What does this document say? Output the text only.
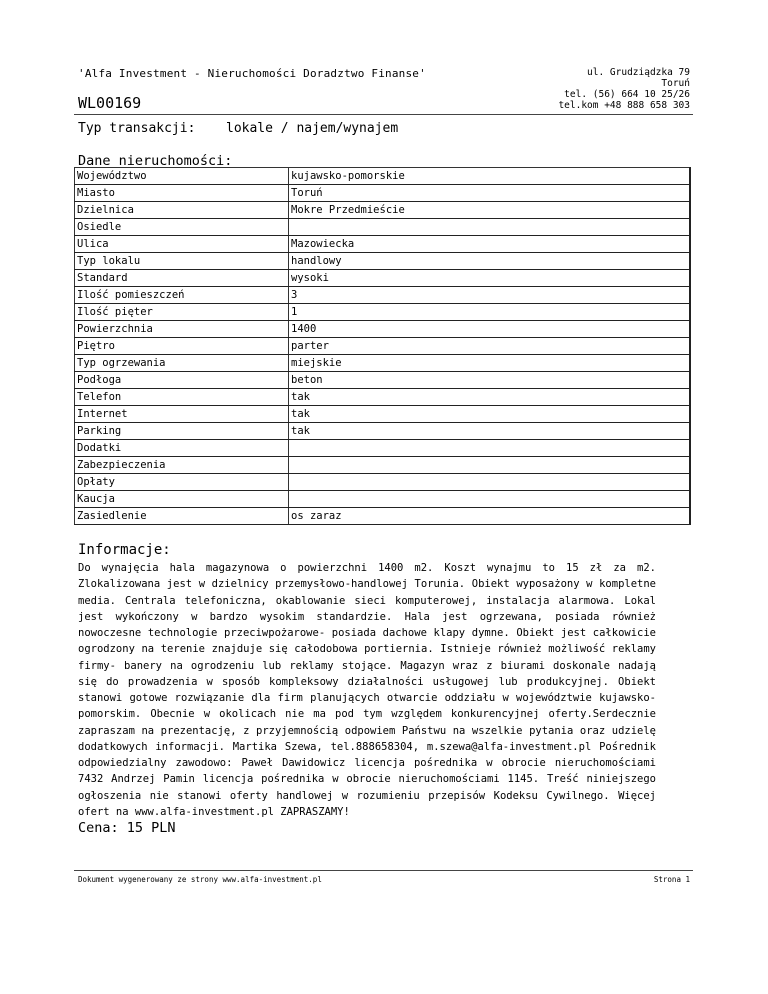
'Alfa Investment - Nieruchomości Doradztwo Finanse'	ul. Grudziądzka 79
Toruń
tel. (56) 664 10 25/26
tel.kom +48 888 658 303
WL00169
Typ transakcji: lokale / najem/wynajem
Dane nieruchomości:
Województwo	kujawsko-pomorskie
Miasto	Toruń
Dzielnica	Mokre Przedmieście
Osiedle	
Ulica	Mazowiecka
Typ lokalu	handlowy
Standard	wysoki
Ilość pomieszczeń	3
Ilość pięter	1
Powierzchnia	1400
Piętro	parter
Typ ogrzewania	miejskie
Podłoga	beton
Telefon	tak
Internet	tak
Parking	tak
Dodatki	
Zabezpieczenia	
Opłaty	
Kaucja	
Zasiedlenie	os zaraz
Informacje:
Do wynajęcia hala magazynowa o powierzchni 1400 m2. Koszt wynajmu to 15 zł za m2. Zlokalizowana jest w dzielnicy przemysłowo-handlowej Torunia. Obiekt wyposażony w kompletne media. Centrala telefoniczna, okablowanie sieci komputerowej, instalacja alarmowa. Lokal jest wykończony w bardzo wysokim standardzie. Hala jest ogrzewana, posiada również nowoczesne technologie przeciwpożarowe- posiada dachowe klapy dymne. Obiekt jest całkowicie ogrodzony na terenie znajduje się całodobowa portiernia. Istnieje również możliwość reklamy firmy- banery na ogrodzeniu lub reklamy stojące. Magazyn wraz z biurami doskonale nadają się do prowadzenia w sposób kompleksowy działalności usługowej lub produkcyjnej. Obiekt stanowi gotowe rozwiązanie dla firm planujących otwarcie oddziału w województwie kujawsko-pomorskim. Obecnie w okolicach nie ma pod tym względem konkurencyjnej oferty.Serdecznie zapraszam na prezentację, z przyjemnością odpowiem Państwu na wszelkie pytania oraz udzielę dodatkowych informacji. Martika Szewa, tel.888658304, m.szewa@alfa-investment.pl Pośrednik odpowiedzialny zawodowo: Paweł Dawidowicz licencja pośrednika w obrocie nieruchomościami 7432 Andrzej Pamin licencja pośrednika w obrocie nieruchomościami 1145. Treść niniejszego ogłoszenia nie stanowi oferty handlowej w rozumieniu przepisów Kodeksu Cywilnego. Więcej ofert na www.alfa-investment.pl ZAPRASZAMY!
Cena: 15 PLN
Dokument wygenerowany ze strony www.alfa-investment.pl	Strona 1
